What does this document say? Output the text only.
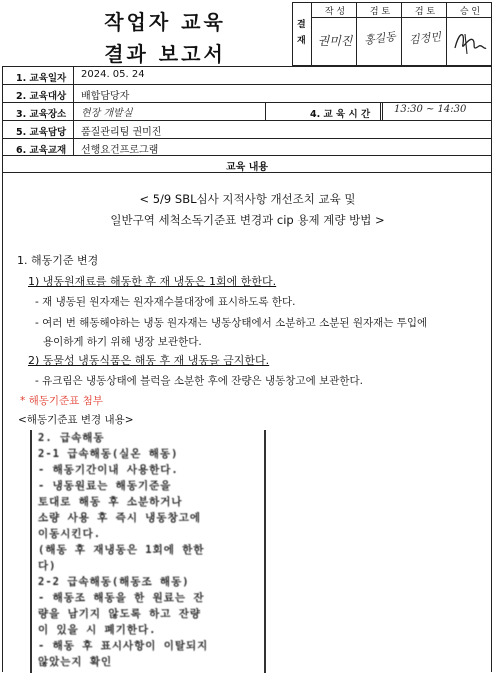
작업자 교육
결과 보고서
결재
작 성	검 토	검 토	승 인
권미진 홍길동	김정민
1. 교육일자 2024. 05. 24
2. 교육대상 배합담당자
3. 교육장소 현장 개발실	4. 교 육 시 간 13:30 ~ 14:30
5. 교육담당 품질관리팀 권미진
6. 교육교재 선행요건프로그램
교육 내용
< 5/9 SBL심사 지적사항 개선조치 교육 및
일반구역 세척소독기준표 변경과 cip 용제 계량 방법 >
1. 해동기준 변경
1) 냉동원재료를 해동한 후 재 냉동은 1회에 한한다.
- 재 냉동된 원자재는 원자재수불대장에 표시하도록 한다.
- 여러 번 해동해야하는 냉동 원자재는 냉동상태에서 소분하고 소분된 원자재는 투입에
용이하게 하기 위해 냉장 보관한다.
2) 동물성 냉동식품은 해동 후 재 냉동을 금지한다.
- 유크림은 냉동상태에 블럭을 소분한 후에 잔량은 냉동창고에 보관한다.
* 해동기준표 첨부
<해동기준표 변경 내용>
2. 급속해동
2-1 급속해동(실온 해동)
- 해동기간이내 사용한다.
- 냉동원료는 해동기준을
토대로 해동 후 소분하거나
소량 사용 후 즉시 냉동창고에
이동시킨다.
(해동 후 재냉동은 1회에 한한
다)
2-2 급속해동(해동조 해동)
- 해동조 해동을 한 원료는 잔
량을 남기지 않도록 하고 잔량
이 있을 시 폐기한다.
- 해동 후 표시사항이 이탈되지
않았는지 확인
